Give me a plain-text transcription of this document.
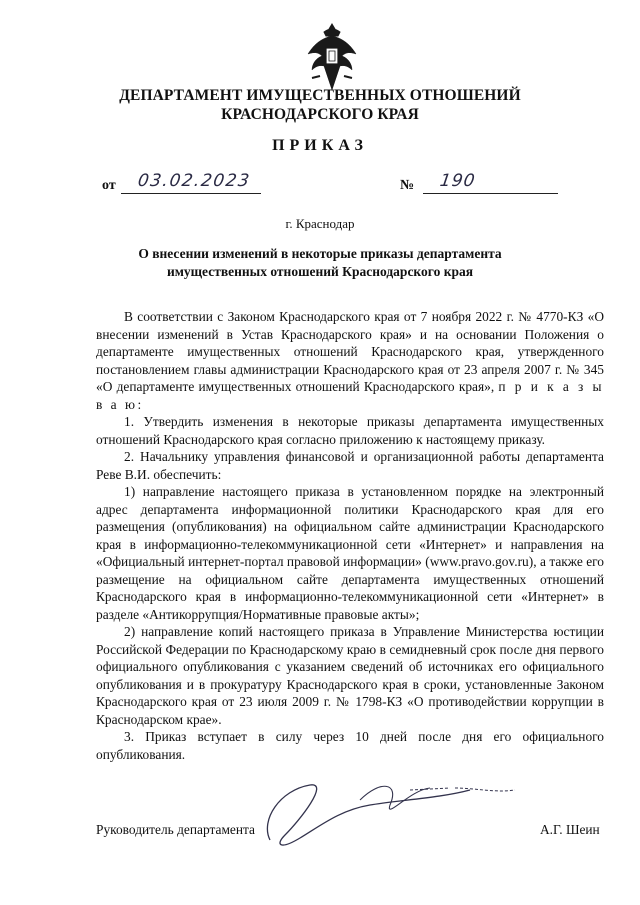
ДЕПАРТАМЕНТ ИМУЩЕСТВЕННЫХ ОТНОШЕНИЙ
КРАСНОДАРСКОГО КРАЯ
ПРИКАЗ
от 03.02.2023	№ 190
г. Краснодар
О внесении изменений в некоторые приказы департамента
имущественных отношений Краснодарского края

В соответствии с Законом Краснодарского края от 7 ноября 2022 г. № 4770-КЗ «О внесении изменений в Устав Краснодарского края» и на основании Положения о департаменте имущественных отношений Краснодарского края, утвержденного постановлением главы администрации Краснодарского края от 23 апреля 2007 г. № 345 «О департаменте имущественных отношений Краснодарского края», п р и к а з ы в а ю:

1. Утвердить изменения в некоторые приказы департамента имущественных отношений Краснодарского края согласно приложению к настоящему приказу.

2. Начальнику управления финансовой и организационной работы департамента Реве В.И. обеспечить:

1) направление настоящего приказа в установленном порядке на электронный адрес департамента информационной политики Краснодарского края для его размещения (опубликования) на официальном сайте администрации Краснодарского края в информационно-телекоммуникационной сети «Интернет» и направления на «Официальный интернет-портал правовой информации» (www.pravo.gov.ru), а также его размещение на официальном сайте департамента имущественных отношений Краснодарского края в информационно-телекоммуникационной сети «Интернет» в разделе «Антикоррупция/Нормативные правовые акты»;

2) направление копий настоящего приказа в Управление Министерства юстиции Российской Федерации по Краснодарскому краю в семидневный срок после дня первого официального опубликования с указанием сведений об источниках его официального опубликования и в прокуратуру Краснодарского края в сроки, установленные Законом Краснодарского края от 23 июля 2009 г. № 1798-КЗ «О противодействии коррупции в Краснодарском крае».

3. Приказ вступает в силу через 10 дней после дня его официального опубликования.

Руководитель департамента	А.Г. Шеин
